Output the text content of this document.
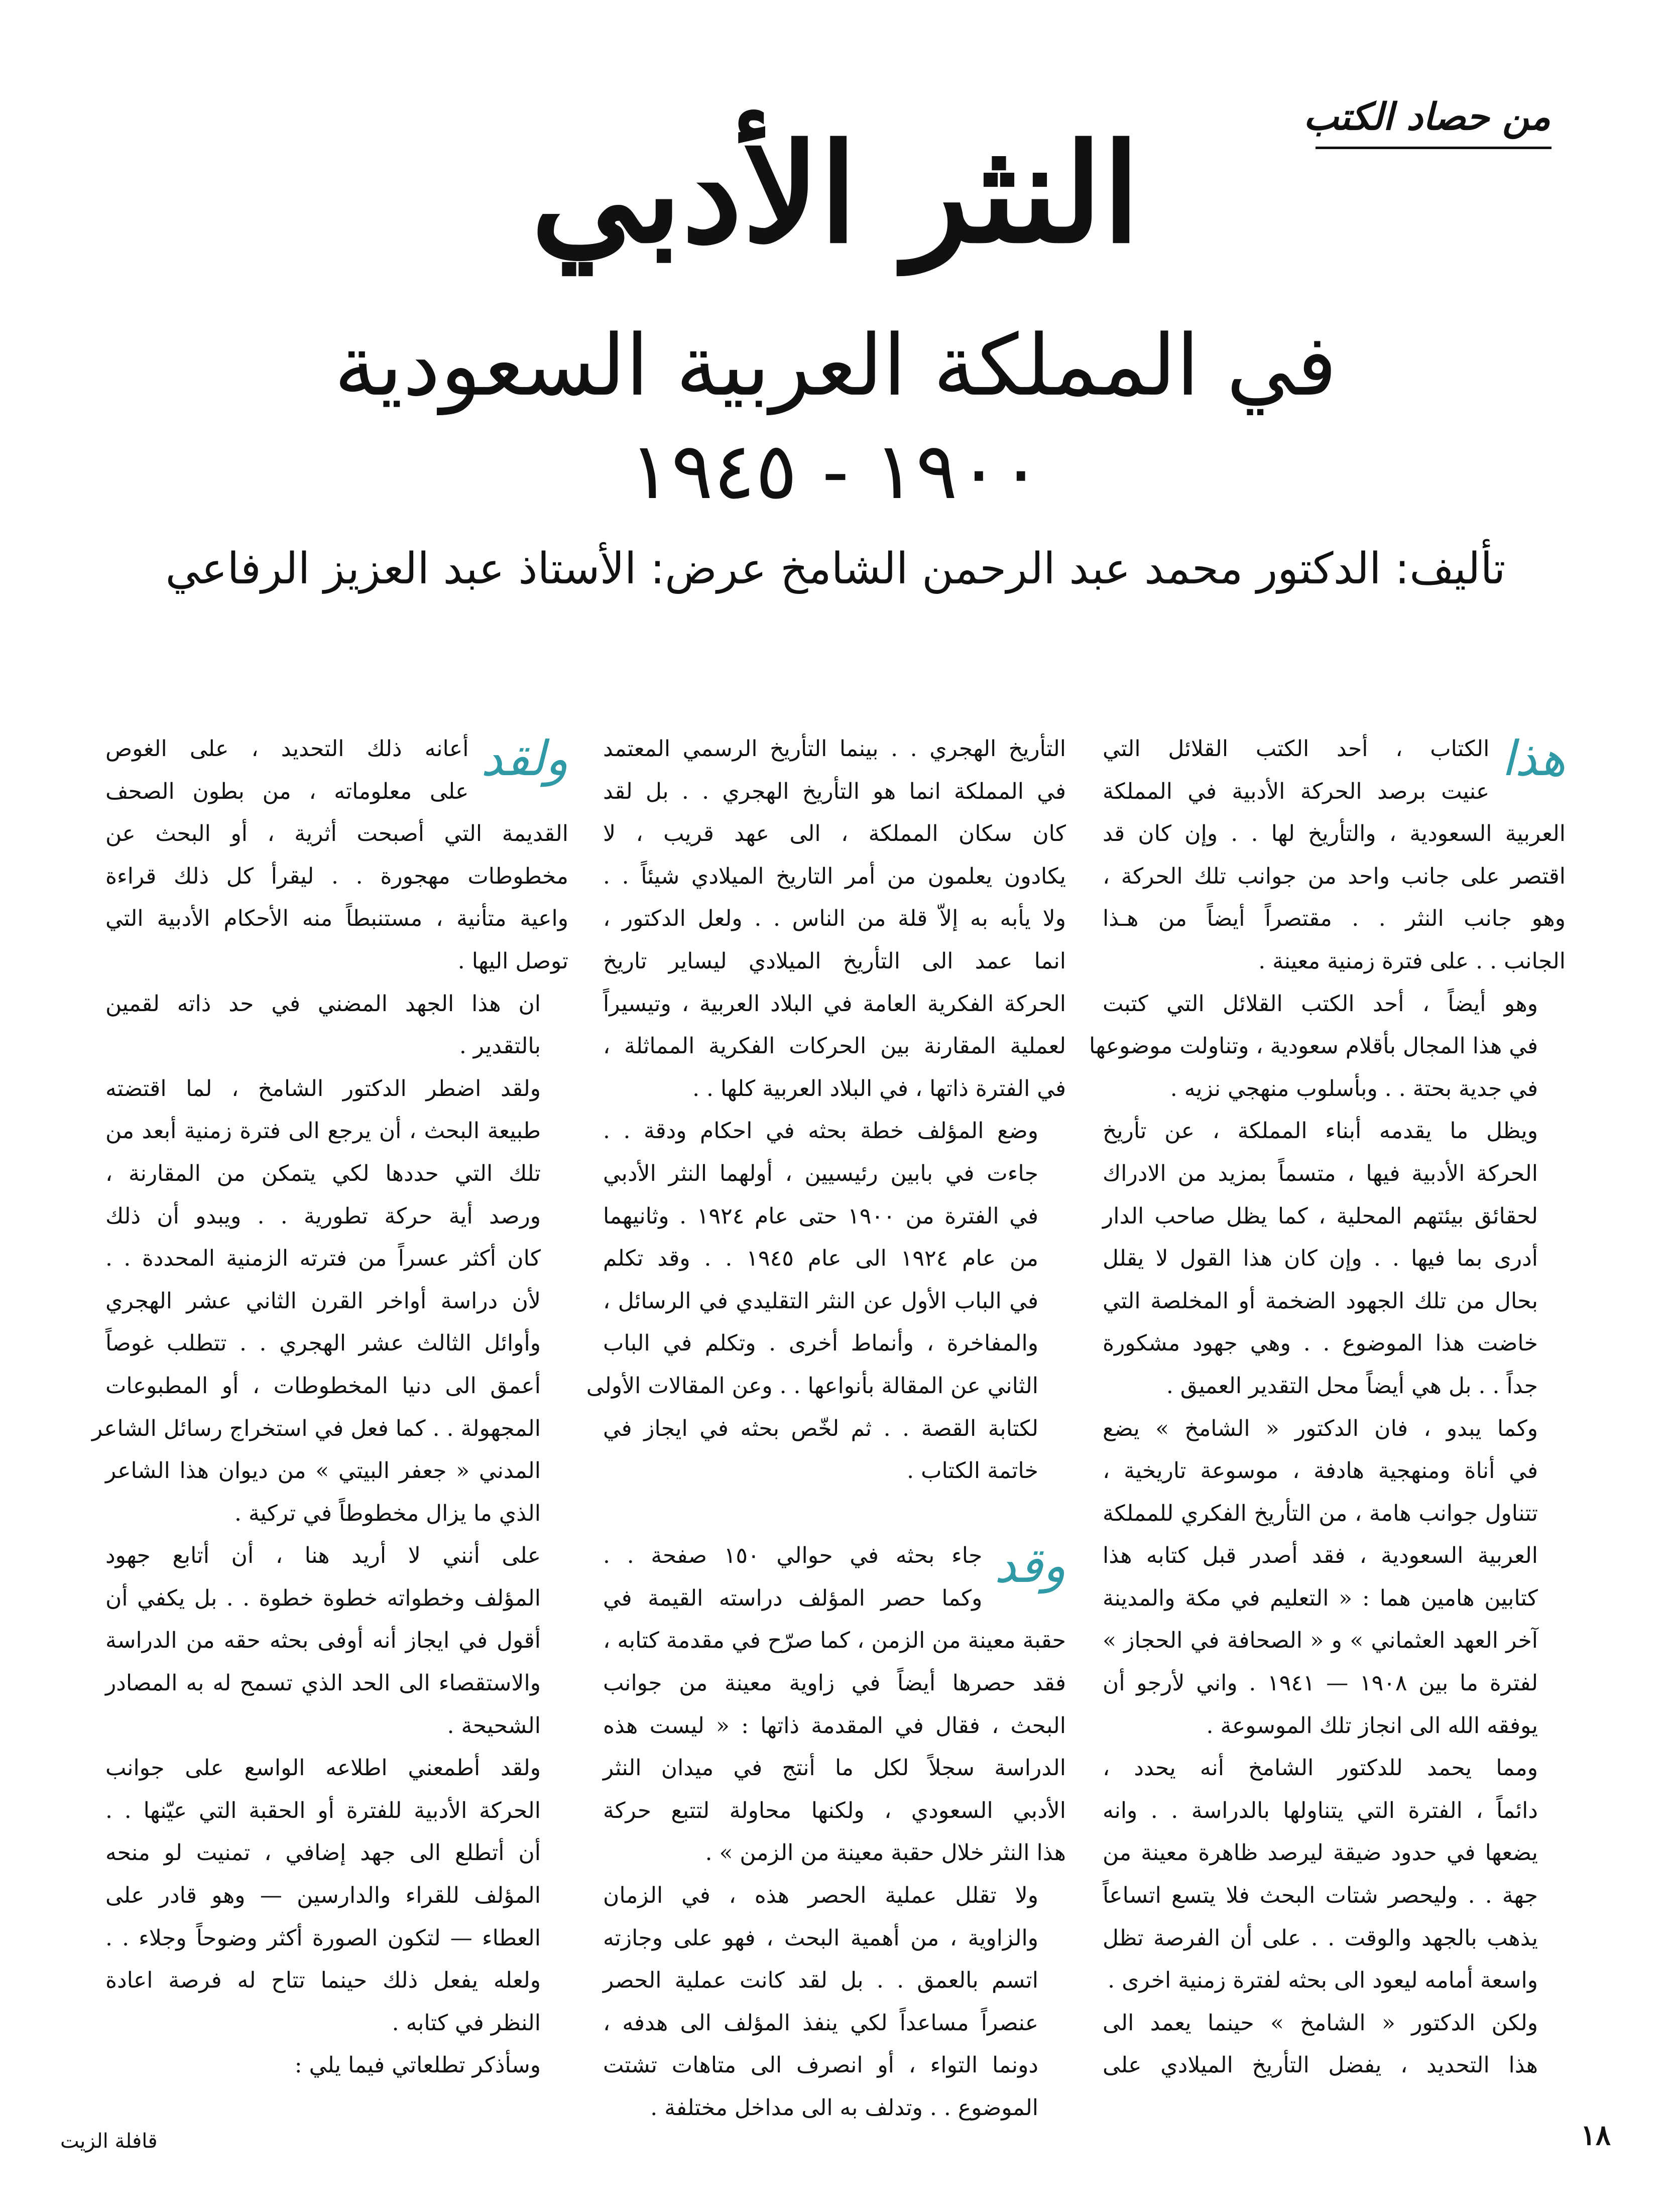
من حصاد الكتب
النثر الأدبي
في المملكة العربية السعودية
١٩٠٠ - ١٩٤٥
تأليف: الدكتور محمد عبد الرحمن الشامخ عرض: الأستاذ عبد العزيز الرفاعي
هذا
الكتاب ، أحد الكتب القلائل التي
عنيت برصد الحركة الأدبية في المملكة
العربية السعودية ، والتأريخ لها . . وإن كان قد
اقتصر على جانب واحد من جوانب تلك الحركة ،
وهو جانب النثر . . مقتصراً أيضاً من هـذا
الجانب . . على فترة زمنية معينة .
وهو أيضاً ، أحد الكتب القلائل التي كتبت
في هذا المجال بأقلام سعودية ، وتناولت موضوعها
في جدية بحتة . . وبأسلوب منهجي نزيه .
ويظل ما يقدمه أبناء المملكة ، عن تأريخ
الحركة الأدبية فيها ، متسماً بمزيد من الادراك
لحقائق بيئتهم المحلية ، كما يظل صاحب الدار
أدرى بما فيها . . وإن كان هذا القول لا يقلل
بحال من تلك الجهود الضخمة أو المخلصة التي
خاضت هذا الموضوع . . وهي جهود مشكورة
جداً . . بل هي أيضاً محل التقدير العميق .
وكما يبدو ، فان الدكتور « الشامخ » يضع
في أناة ومنهجية هادفة ، موسوعة تاريخية ،
تتناول جوانب هامة ، من التأريخ الفكري للمملكة
العربية السعودية ، فقد أصدر قبل كتابه هذا
كتابين هامين هما : « التعليم في مكة والمدينة
آخر العهد العثماني » و « الصحافة في الحجاز »
لفترة ما بين ١٩٠٨ — ١٩٤١ . واني لأرجو أن
يوفقه الله الى انجاز تلك الموسوعة .
ومما يحمد للدكتور الشامخ أنه يحدد ،
دائماً ، الفترة التي يتناولها بالدراسة . . وانه
يضعها في حدود ضيقة ليرصد ظاهرة معينة من
جهة . . وليحصر شتات البحث فلا يتسع اتساعاً
يذهب بالجهد والوقت . . على أن الفرصة تظل
واسعة أمامه ليعود الى بحثه لفترة زمنية اخرى .
ولكن الدكتور « الشامخ » حينما يعمد الى
هذا التحديد ، يفضل التأريخ الميلادي على
التأريخ الهجري . . بينما التأريخ الرسمي المعتمد
في المملكة انما هو التأريخ الهجري . . بل لقد
كان سكان المملكة ، الى عهد قريب ، لا
يكادون يعلمون من أمر التاريخ الميلادي شيئاً . .
ولا يأبه به إلاّ قلة من الناس . . ولعل الدكتور ،
انما عمد الى التأريخ الميلادي ليساير تاريخ
الحركة الفكرية العامة في البلاد العربية ، وتيسيراً
لعملية المقارنة بين الحركات الفكرية المماثلة ،
في الفترة ذاتها ، في البلاد العربية كلها . .
وضع المؤلف خطة بحثه في احكام ودقة . .
جاءت في بابين رئيسيين ، أولهما النثر الأدبي
في الفترة من ١٩٠٠ حتى عام ١٩٢٤ . وثانيهما
من عام ١٩٢٤ الى عام ١٩٤٥ . . وقد تكلم
في الباب الأول عن النثر التقليدي في الرسائل ،
والمفاخرة ، وأنماط أخرى . وتكلم في الباب
الثاني عن المقالة بأنواعها . . وعن المقالات الأولى
لكتابة القصة . . ثم لخّص بحثه في ايجاز في
خاتمة الكتاب .
وقد
جاء بحثه في حوالي ١٥٠ صفحة . .
وكما حصر المؤلف دراسته القيمة في
حقبة معينة من الزمن ، كما صرّح في مقدمة كتابه ،
فقد حصرها أيضاً في زاوية معينة من جوانب
البحث ، فقال في المقدمة ذاتها : « ليست هذه
الدراسة سجلاً لكل ما أنتج في ميدان النثر
الأدبي السعودي ، ولكنها محاولة لتتبع حركة
هذا النثر خلال حقبة معينة من الزمن » .
ولا تقلل عملية الحصر هذه ، في الزمان
والزاوية ، من أهمية البحث ، فهو على وجازته
اتسم بالعمق . . بل لقد كانت عملية الحصر
عنصراً مساعداً لكي ينفذ المؤلف الى هدفه ،
دونما التواء ، أو انصرف الى متاهات تشتت
الموضوع . . وتدلف به الى مداخل مختلفة .
ولقد
أعانه ذلك التحديد ، على الغوص
على معلوماته ، من بطون الصحف
القديمة التي أصبحت أثرية ، أو البحث عن
مخطوطات مهجورة . . ليقرأ كل ذلك قراءة
واعية متأنية ، مستنبطاً منه الأحكام الأدبية التي
توصل اليها .
ان هذا الجهد المضني في حد ذاته لقمين
بالتقدير .
ولقد اضطر الدكتور الشامخ ، لما اقتضته
طبيعة البحث ، أن يرجع الى فترة زمنية أبعد من
تلك التي حددها لكي يتمكن من المقارنة ،
ورصد أية حركة تطورية . . ويبدو أن ذلك
كان أكثر عسراً من فترته الزمنية المحددة . .
لأن دراسة أواخر القرن الثاني عشر الهجري
وأوائل الثالث عشر الهجري . . تتطلب غوصاً
أعمق الى دنيا المخطوطات ، أو المطبوعات
المجهولة . . كما فعل في استخراج رسائل الشاعر
المدني « جعفر البيتي » من ديوان هذا الشاعر
الذي ما يزال مخطوطاً في تركية .
على أنني لا أريد هنا ، أن أتابع جهود
المؤلف وخطواته خطوة خطوة . . بل يكفي أن
أقول في ايجاز أنه أوفى بحثه حقه من الدراسة
والاستقصاء الى الحد الذي تسمح له به المصادر
الشحيحة .
ولقد أطمعني اطلاعه الواسع على جوانب
الحركة الأدبية للفترة أو الحقبة التي عيّنها . .
أن أتطلع الى جهد إضافي ، تمنيت لو منحه
المؤلف للقراء والدارسين — وهو قادر على
العطاء — لتكون الصورة أكثر وضوحاً وجلاء . .
ولعله يفعل ذلك حينما تتاح له فرصة اعادة
النظر في كتابه .
وسأذكر تطلعاتي فيما يلي :
١٨
قافلة الزيت
